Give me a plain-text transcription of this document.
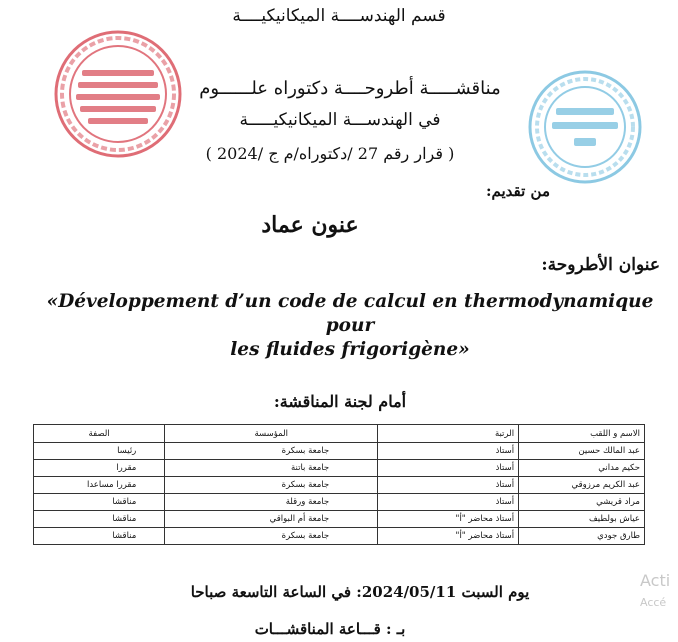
قسم الهندســــة الميكانيكيــــة
مناقشـــــة أطروحــــة دكتوراه علــــــوم
في الهندســـة الميكانيكيـــــة
( قرار رقم 27 /دكتوراه/م ج /2024 )
من تقديم:
عنون عماد
عنوان الأطروحة:
«Développement d’un code de calcul en thermodynamique pour
les fluides frigorigène»
أمام لجنة المناقشة:
الاسم و اللقب	الرتبة	المؤسسة	الصفة
عبد المالك حسين	أستاذ	جامعة بسكرة	رئيسا
حكيم مداني	أستاذ	جامعة باتنة	مقررا
عبد الكريم مرزوقي	أستاذ	جامعة بسكرة	مقررا مساعدا
مراد قريشي	أستاذ	جامعة ورقلة	مناقشا
عياش بولطيف	أستاذ محاضر "أ"	جامعة أم البواقي	مناقشا
طارق جودي	أستاذ محاضر "أ"	جامعة بسكرة	مناقشا
يوم السبت 2024/05/11: في الساعة التاسعة صباحا
بـ : قـــاعة المناقشـــات
Acti
Accé
